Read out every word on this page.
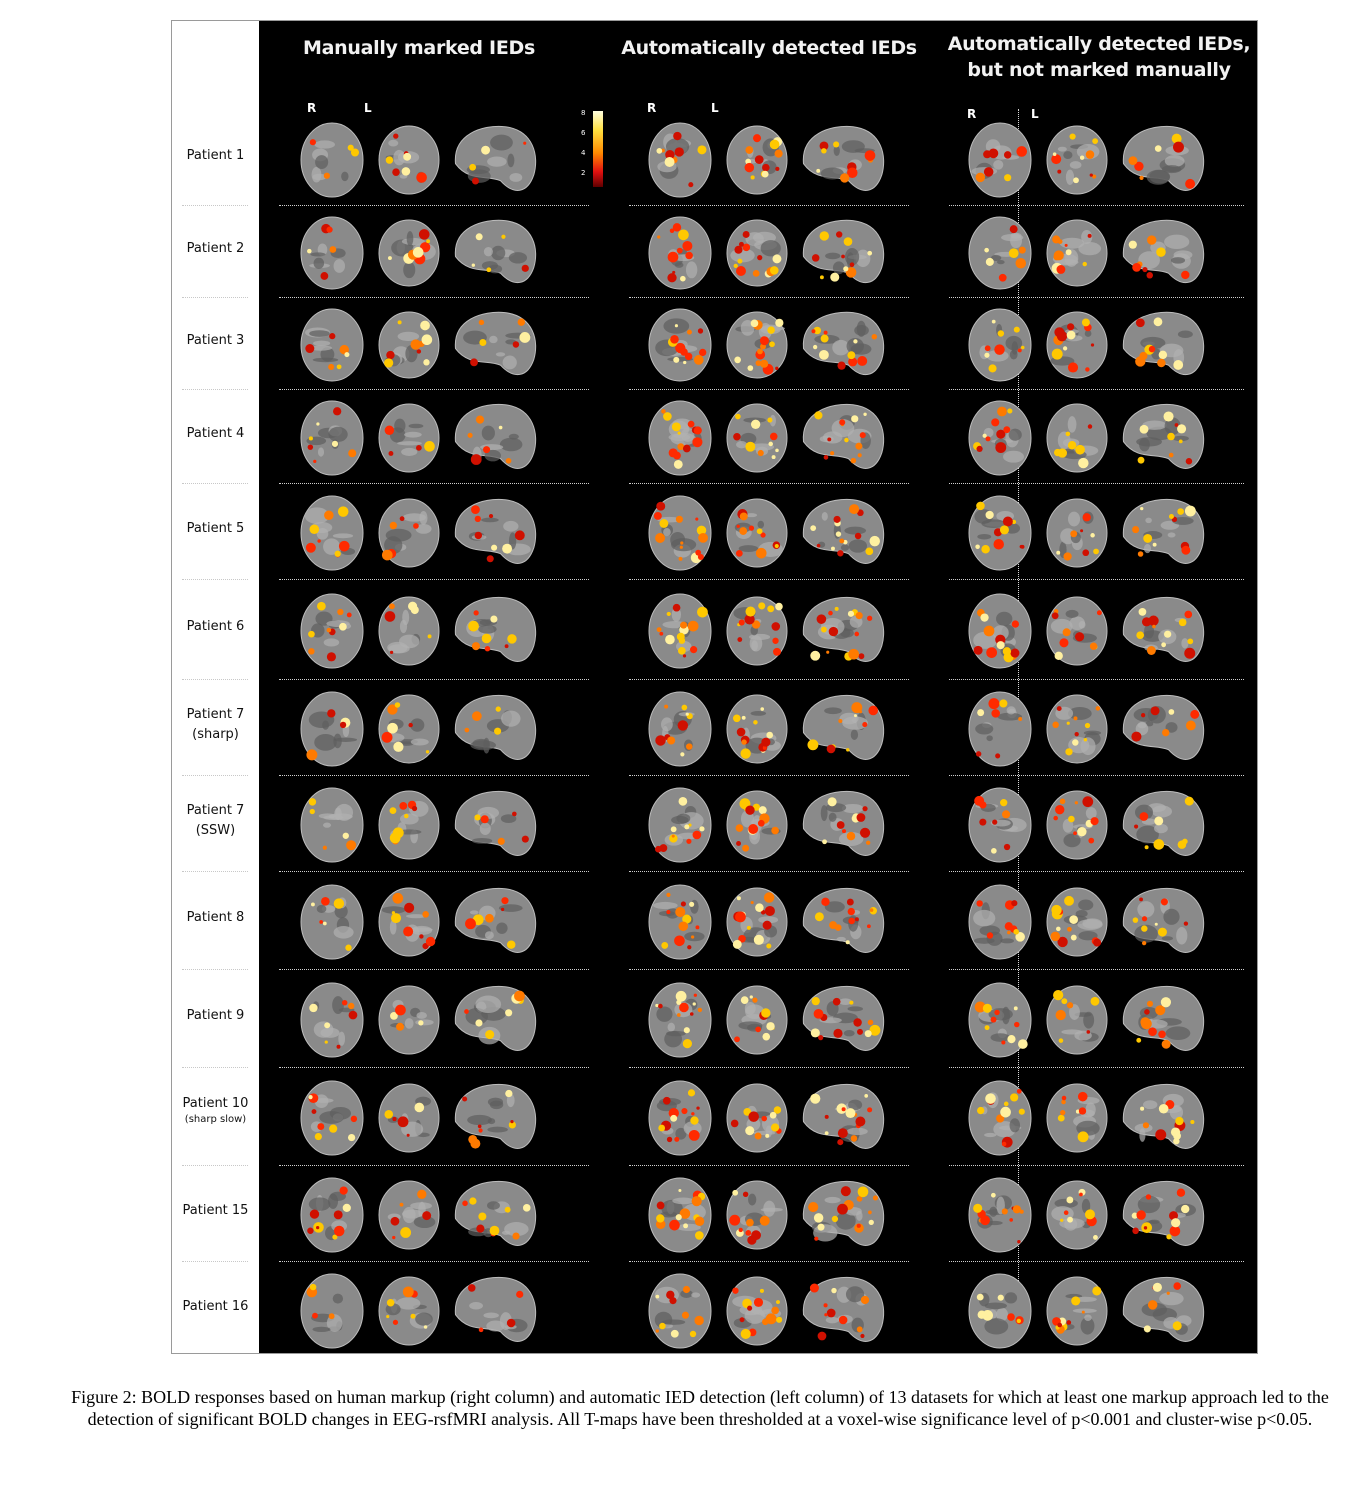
Patient 1
Patient 2
Patient 3
Patient 4
Patient 5
Patient 6
Patient 7
(sharp)
Patient 7
(SSW)
Patient 8
Patient 9
Patient 10
(sharp slow)
Patient 15
Patient 16
Manually marked IEDs	Automatically detected IEDs	Automatically detected IEDs, but not marked manually
R	L	R	L	R	L
8
6
4
2
Figure 2: BOLD responses based on human markup (right column) and automatic IED detection (left column) of 13 datasets for which at least one markup approach led to the detection of significant BOLD changes in EEG-rsfMRI analysis. All T-maps have been thresholded at a voxel-wise significance level of p<0.001 and cluster-wise p<0.05.
